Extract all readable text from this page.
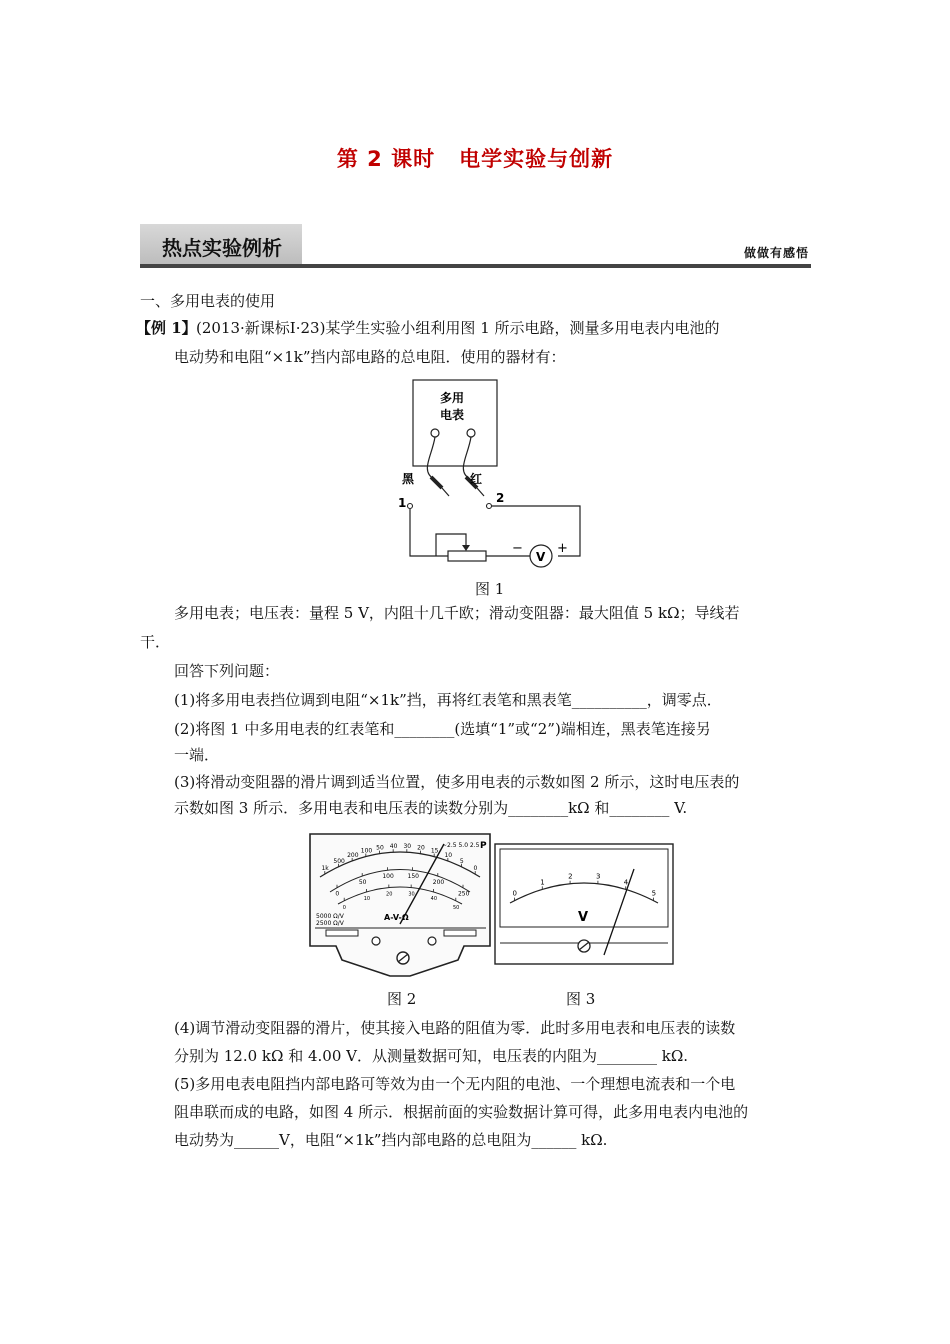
第 2 课时 电学实验与创新
热点实验例析	做做有感悟
一、多用电表的使用
【例 1】 (2013·新课标Ⅰ·23)某学生实验小组利用图 1 所示电路，测量多用电表内电池的
电动势和电阻“×1k”挡内部电路的总电阻．使用的器材有：
多用
电表
黑	红
1	2
V
−	+
图 1
多用电表；电压表：量程 5 V，内阻十几千欧；滑动变阻器：最大阻值 5 kΩ；导线若
干．
回答下列问题：
(1)将多用电表挡位调到电阻“×1k”挡，再将红表笔和黑表笔__________，调零点．
(2)将图 1 中多用电表的红表笔和________(选填“1”或“2”)端相连，黑表笔连接另
一端．
(3)将滑动变阻器的滑片调到适当位置，使多用电表的示数如图 2 所示，这时电压表的
示数如图 3 所示．多用电表和电压表的读数分别为________kΩ 和________ V.
1k
500
200
100 50 40 30 20 15
10
5
0
0
50
100 150
200
250
0
10
20	30
40
50
~2.5 5.0 2.5 P
A-V-Ω
5000 Ω/V
2500 Ω/V
图 2
0
1
2	3
4
5
V
图 3
(4)调节滑动变阻器的滑片，使其接入电路的阻值为零．此时多用电表和电压表的读数
分别为 12.0 kΩ 和 4.00 V．从测量数据可知，电压表的内阻为________ kΩ.
(5)多用电表电阻挡内部电路可等效为由一个无内阻的电池、一个理想电流表和一个电
阻串联而成的电路，如图 4 所示．根据前面的实验数据计算可得，此多用电表内电池的
电动势为______V，电阻“×1k”挡内部电路的总电阻为______ kΩ.
